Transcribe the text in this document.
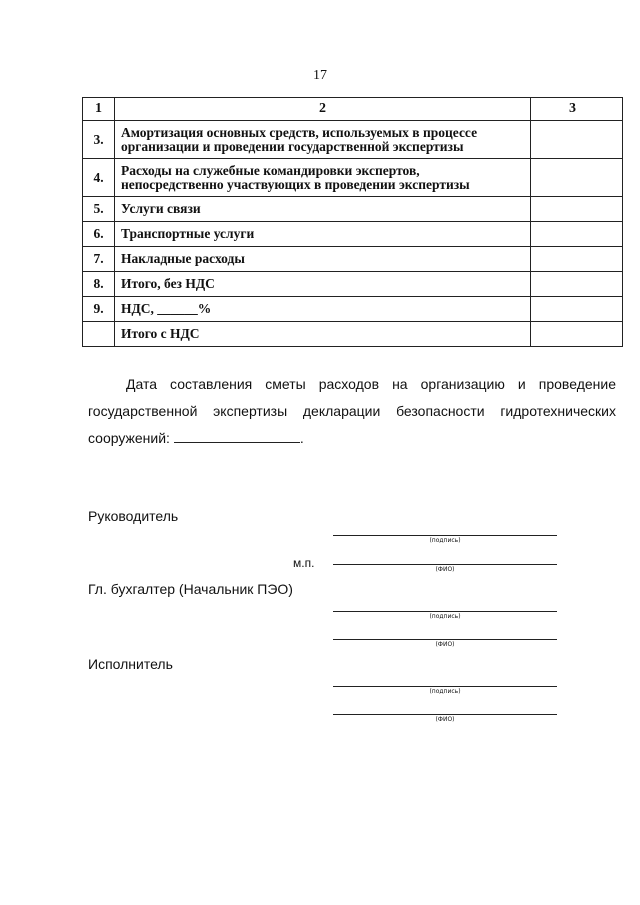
17
1	2	3
3.	Амортизация основных средств, используемых в процессе организации и проведении государственной экспертизы	
4.	Расходы на служебные командировки экспертов, непосредственно участвующих в проведении экспертизы	
5.	Услуги связи	
6.	Транспортные услуги	
7.	Накладные расходы	
8.	Итого, без НДС	
9.	НДС, ______%	
	Итого с НДС	
Дата составления сметы расходов на организацию и проведение
государственной экспертизы декларации безопасности гидротехнических
сооружений:	.
Руководитель
(подпись)
м.п.	(ФИО)
Гл. бухгалтер (Начальник ПЭО)
(подпись)
(ФИО)
Исполнитель
(подпись)
(ФИО)
